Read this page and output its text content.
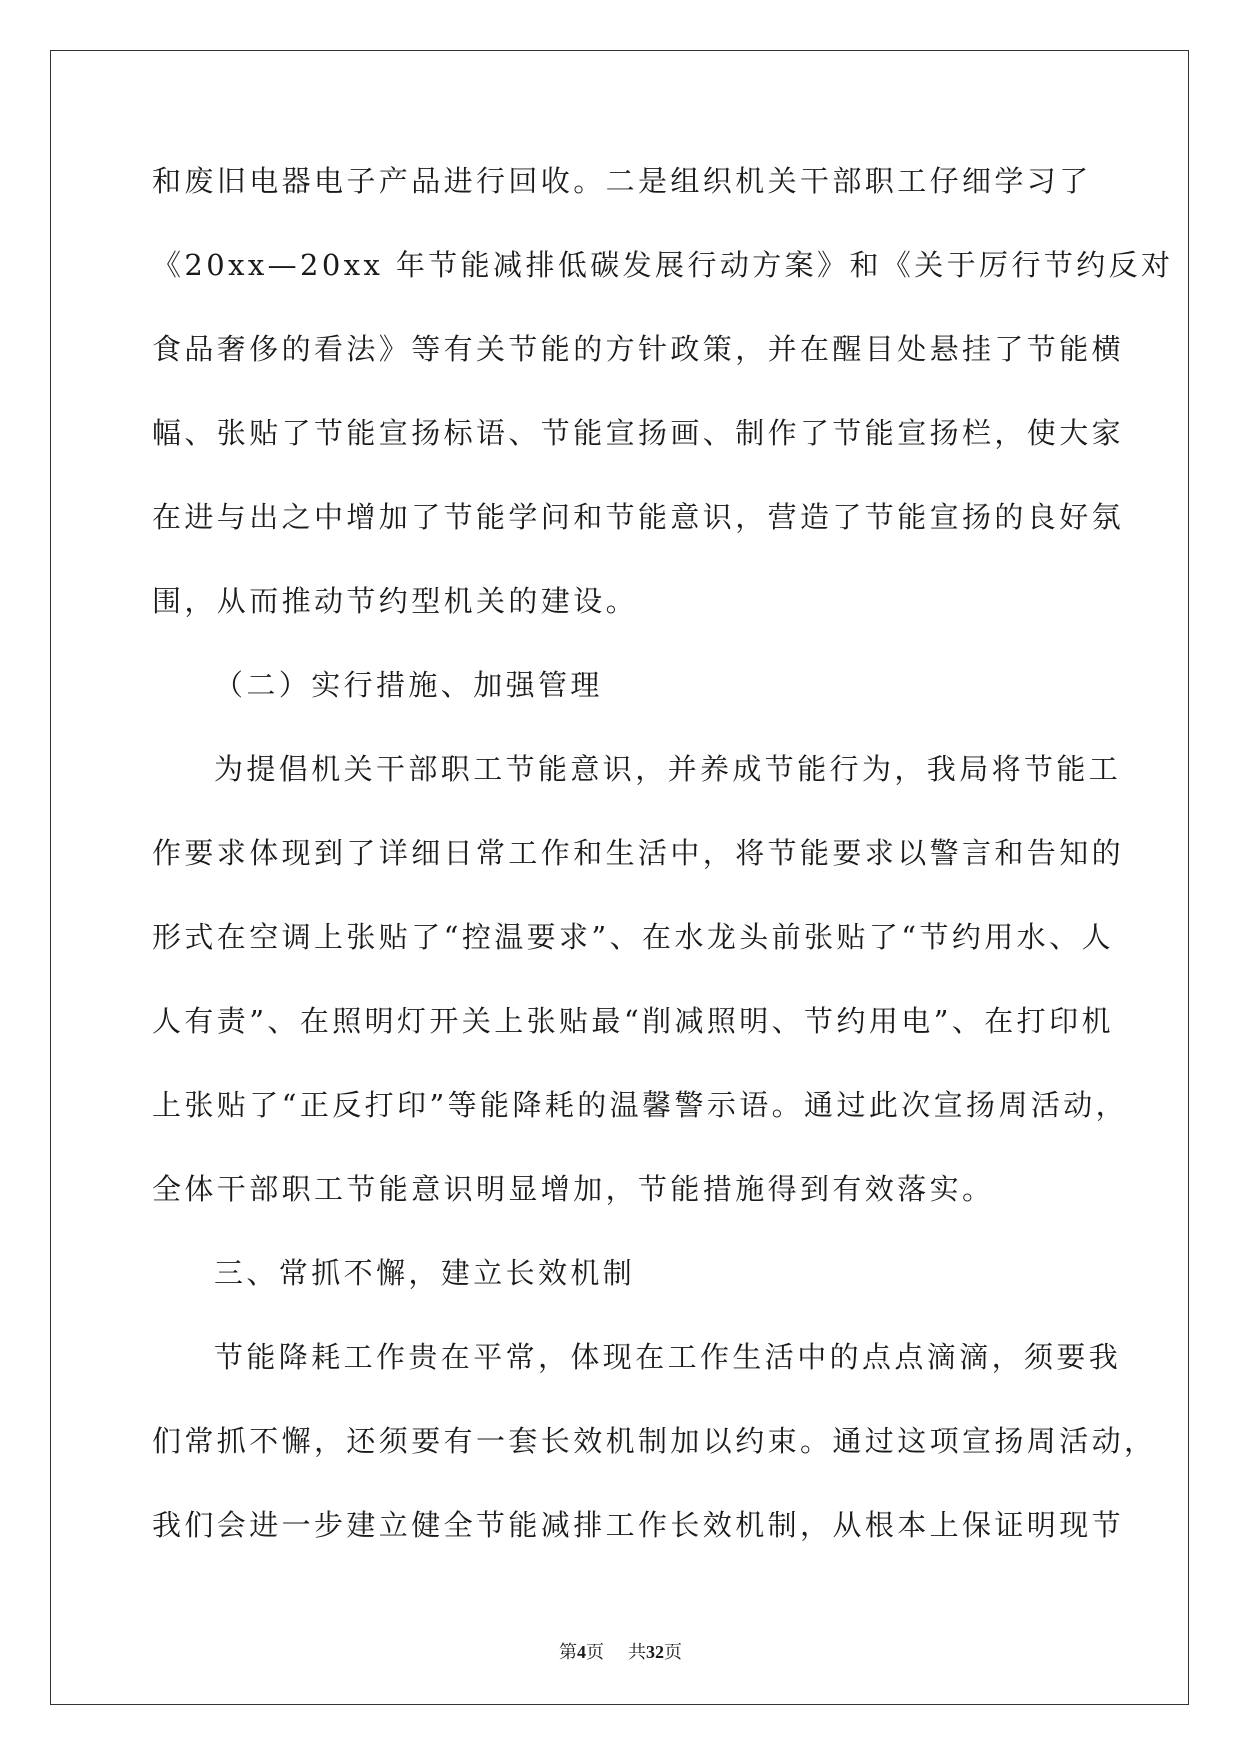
和废旧电器电子产品进行回收。二是组织机关干部职工仔细学习了
《20xx—20xx 年节能减排低碳发展行动方案》和《关于厉行节约反对
食品奢侈的看法》等有关节能的方针政策，并在醒目处悬挂了节能横
幅、张贴了节能宣扬标语、节能宣扬画、制作了节能宣扬栏，使大家
在进与出之中增加了节能学问和节能意识，营造了节能宣扬的良好氛
围，从而推动节约型机关的建设。
（二）实行措施、加强管理
为提倡机关干部职工节能意识，并养成节能行为，我局将节能工
作要求体现到了详细日常工作和生活中，将节能要求以警言和告知的
形式在空调上张贴了“控温要求”、在水龙头前张贴了“节约用水、人
人有责”、在照明灯开关上张贴最“削减照明、节约用电”、在打印机
上张贴了“正反打印”等能降耗的温馨警示语。通过此次宣扬周活动，
全体干部职工节能意识明显增加，节能措施得到有效落实。
三、常抓不懈，建立长效机制
节能降耗工作贵在平常，体现在工作生活中的点点滴滴，须要我
们常抓不懈，还须要有一套长效机制加以约束。通过这项宣扬周活动，
我们会进一步建立健全节能减排工作长效机制，从根本上保证明现节
第4页 共32页
